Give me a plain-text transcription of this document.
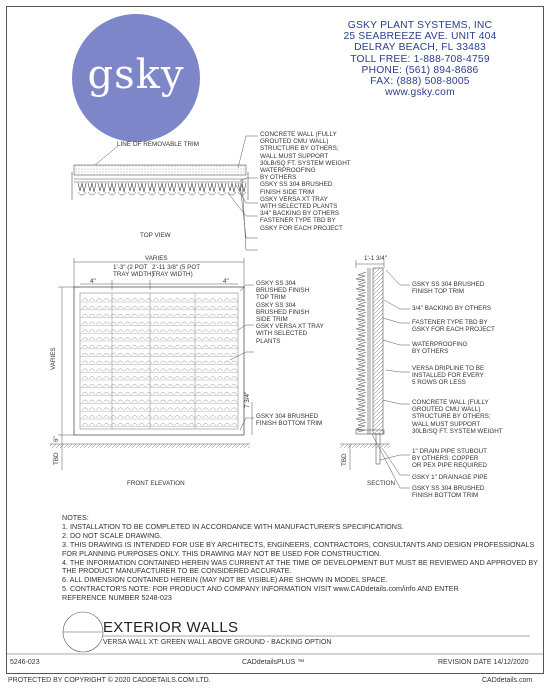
gsky
GSKY PLANT SYSTEMS, INC
25 SEABREEZE AVE. UNIT 404
DELRAY BEACH, FL 33483
TOLL FREE: 1-888-708-4759
PHONE: (561) 894-8686
FAX: (888) 508-8005
www.gsky.com
LINE OF REMOVABLE TRIM
CONCRETE WALL (FULLY
GROUTED CMU WALL)
STRUCTURE BY OTHERS;
WALL MUST SUPPORT
30LB/SQ FT. SYSTEM WEIGHT
WATERPROOFING
BY OTHERS
GSKY SS 304 BRUSHED
FINISH SIDE TRIM
GSKY VERSA XT TRAY
WITH SELECTED PLANTS
3/4" BACKING BY OTHERS
FASTENER TYPE TBD BY
GSKY FOR EACH PROJECT
TOP VIEW
VARIES
4"	4"
1'-3" (2 POT
TRAY WIDTH)
2'-11 3/8" (5 POT
TRAY WIDTH)
VARIES
6"
TBD
7 3/4"
GSKY SS 304
BRUSHED FINISH
TOP TRIM
GSKY SS 304
BRUSHED FINISH
SIDE TRIM
GSKY VERSA XT TRAY
WITH SELECTED
PLANTS
GSKY 304 BRUSHED
FINISH BOTTOM TRIM
FRONT ELEVATION
1'-1 3/4"
TBD
GSKY SS 304 BRUSHED
FINISH TOP TRIM
3/4" BACKING BY OTHERS
FASTENER TYPE TBD BY
GSKY FOR EACH PROJECT
WATERPROOFING
BY OTHERS
VERSA DRIPLINE TO BE
INSTALLED FOR EVERY
5 ROWS OR LESS
CONCRETE WALL (FULLY
GROUTED CMU WALL)
STRUCTURE BY OTHERS;
WALL MUST SUPPORT
30LB/SQ FT. SYSTEM WEIGHT
1" DRAIN PIPE STUBOUT
BY OTHERS: COPPER
OR PEX PIPE REQUIRED
GSKY 1" DRAINAGE PIPE
GSKY SS 304 BRUSHED
FINISH BOTTOM TRIM
SECTION
NOTES:
1. INSTALLATION TO BE COMPLETED IN ACCORDANCE WITH MANUFACTURER'S SPECIFICATIONS.
2. DO NOT SCALE DRAWING.
3. THIS DRAWING IS INTENDED FOR USE BY ARCHITECTS, ENGINEERS, CONTRACTORS, CONSULTANTS AND DESIGN PROFESSIONALS
FOR PLANNING PURPOSES ONLY. THIS DRAWING MAY NOT BE USED FOR CONSTRUCTION.
4. THE INFORMATION CONTAINED HEREIN WAS CURRENT AT THE TIME OF DEVELOPMENT BUT MUST BE REVIEWED AND APPROVED BY
THE PRODUCT MANUFACTURER TO BE CONSIDERED ACCURATE.
6. ALL DIMENSION CONTAINED HEREIN (MAY NOT BE VISIBLE) ARE SHOWN IN MODEL SPACE.
5. CONTRACTOR'S NOTE: FOR PRODUCT AND COMPANY INFORMATION VISIT www.CADdetails.com/info AND ENTER
REFERENCE NUMBER 5248-023
EXTERIOR WALLS
VERSA WALL XT: GREEN WALL ABOVE GROUND - BACKING OPTION
5246-023	CADdetailsPLUS ™	REVISION DATE 14/12/2020
PROTECTED BY COPYRIGHT © 2020 CADDETAILS.COM LTD.	CADdetails.com
